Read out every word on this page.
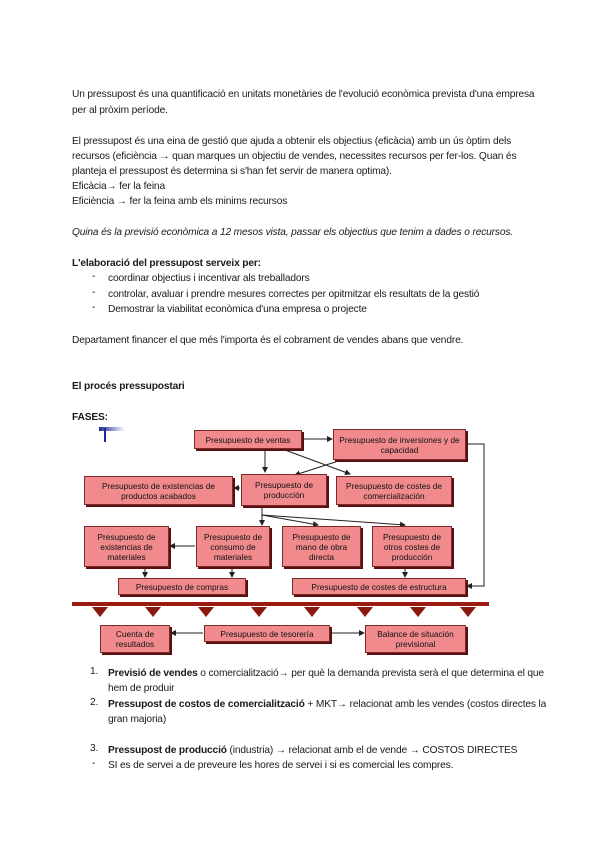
Un pressupost és una quantificació en unitats monetàries de l'evolució econòmica prevista d'una empresa
per al pròxim període.
El pressupost és una eina de gestió que ajuda a obtenir els objectius (eficàcia) amb un ús òptim dels
recursos (eficiència → quan marques un objectiu de vendes, necessites recursos per fer-los. Quan és
planteja el pressupost és determina si s'han fet servir de manera optima).
Eficàcia→ fer la feina
Eficiència → fer la feina amb els minims recursos
Quina és la previsió econòmica a 12 mesos vista, passar els objectius que tenim a dades o recursos.
L'elaboració del pressupost serveix per:
- coordinar objectius i incentivar als treballadors
- controlar, avaluar i prendre mesures correctes per opitmitzar els resultats de la gestió
- Demostrar la viabilitat econòmica d'una empresa o projecte
Departament financer el que més l'importa és el cobrament de vendes abans que vendre.
El procés pressupostari
FASES:
Presupuesto de ventas	Presupuesto de inversiones y de capacidad
Presupuesto de existencias de productos acabados
Presupuesto de producción
Presupuesto de costes de comercialización
Presupuesto de existencias de materiales
Presupuesto de consumo de materiales
Presupuesto de mano de obra directa
Presupuesto de otros costes de producción
Presupuesto de compras	Presupuesto de costes de estructura
Cuenta de resultados
Presupuesto de tesorería	Balance de situación previsional
1. Previsió de vendes o comercialització→ per què la demanda prevista serà el que determina el que
hem de produir
2. Pressupost de costos de comercialització + MKT→ relacionat amb les vendes (costos directes la
gran majoria)
3. Pressupost de producció (industria) → relacionat amb el de vende → COSTOS DIRECTES
- SI es de servei a de preveure les hores de servei i si es comercial les compres.
